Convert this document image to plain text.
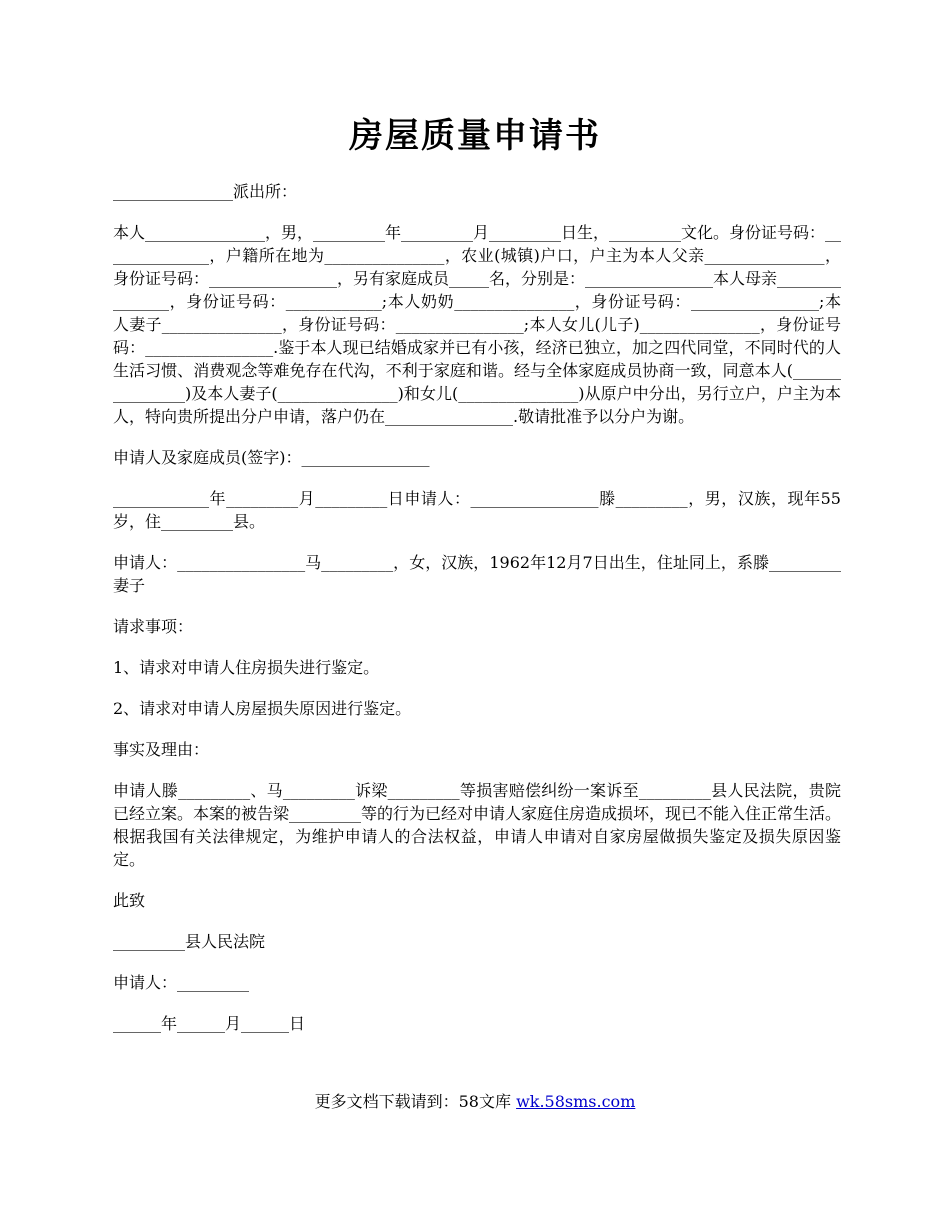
房屋质量申请书

_______________派出所：

本人_______________，男，_________年_________月_________日生，_________文化。身份证号码：______________，户籍所在地为_______________，农业(城镇)户口，户主为本人父亲_______________，身份证号码：________________，另有家庭成员_____名，分别是：________________本人母亲_______________，身份证号码：____________;本人奶奶_______________，身份证号码：________________;本人妻子_______________，身份证号码：________________;本人女儿(儿子)_______________，身份证号码：________________.鉴于本人现已结婚成家并已有小孩，经济已独立，加之四代同堂，不同时代的人生活习惯、消费观念等难免存在代沟，不利于家庭和谐。经与全体家庭成员协商一致，同意本人(_______________)及本人妻子(_______________)和女儿(_______________)从原户中分出，另行立户，户主为本人，特向贵所提出分户申请，落户仍在________________.敬请批准予以分户为谢。

申请人及家庭成员(签字)：________________

____________年_________月_________日申请人：________________滕_________，男，汉族，现年55岁，住_________县。

申请人：________________马_________，女，汉族，1962年12月7日出生，住址同上，系滕_________妻子

请求事项：

1、请求对申请人住房损失进行鉴定。

2、请求对申请人房屋损失原因进行鉴定。

事实及理由：

申请人滕_________、马_________诉梁_________等损害赔偿纠纷一案诉至_________县人民法院，贵院已经立案。本案的被告梁_________等的行为已经对申请人家庭住房造成损坏，现已不能入住正常生活。根据我国有关法律规定，为维护申请人的合法权益，申请人申请对自家房屋做损失鉴定及损失原因鉴定。

此致

_________县人民法院

申请人：_________

______年______月______日

更多文档下载请到：58文库 wk.58sms.com
